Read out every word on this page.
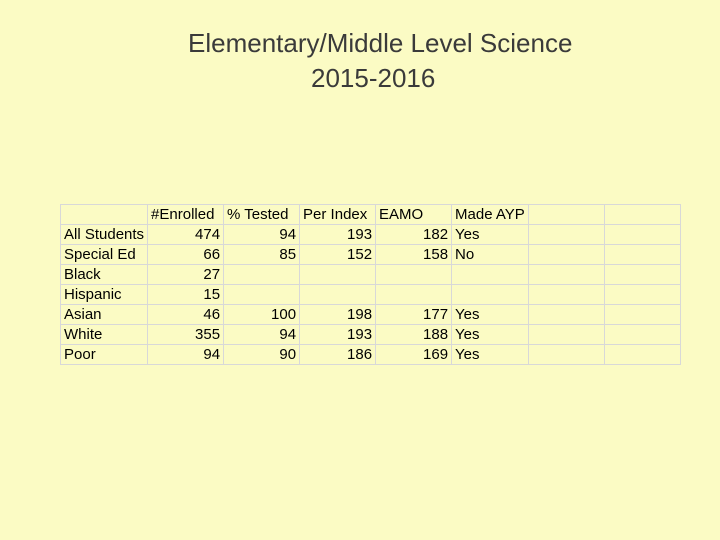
Elementary/Middle Level Science
2015-2016
	#Enrolled	% Tested	Per Index	EAMO	Made AYP		
All Students	474	94	193	182	Yes		
Special Ed	66	85	152	158	No		
Black	27						
Hispanic	15						
Asian	46	100	198	177	Yes		
White	355	94	193	188	Yes		
Poor	94	90	186	169	Yes		
